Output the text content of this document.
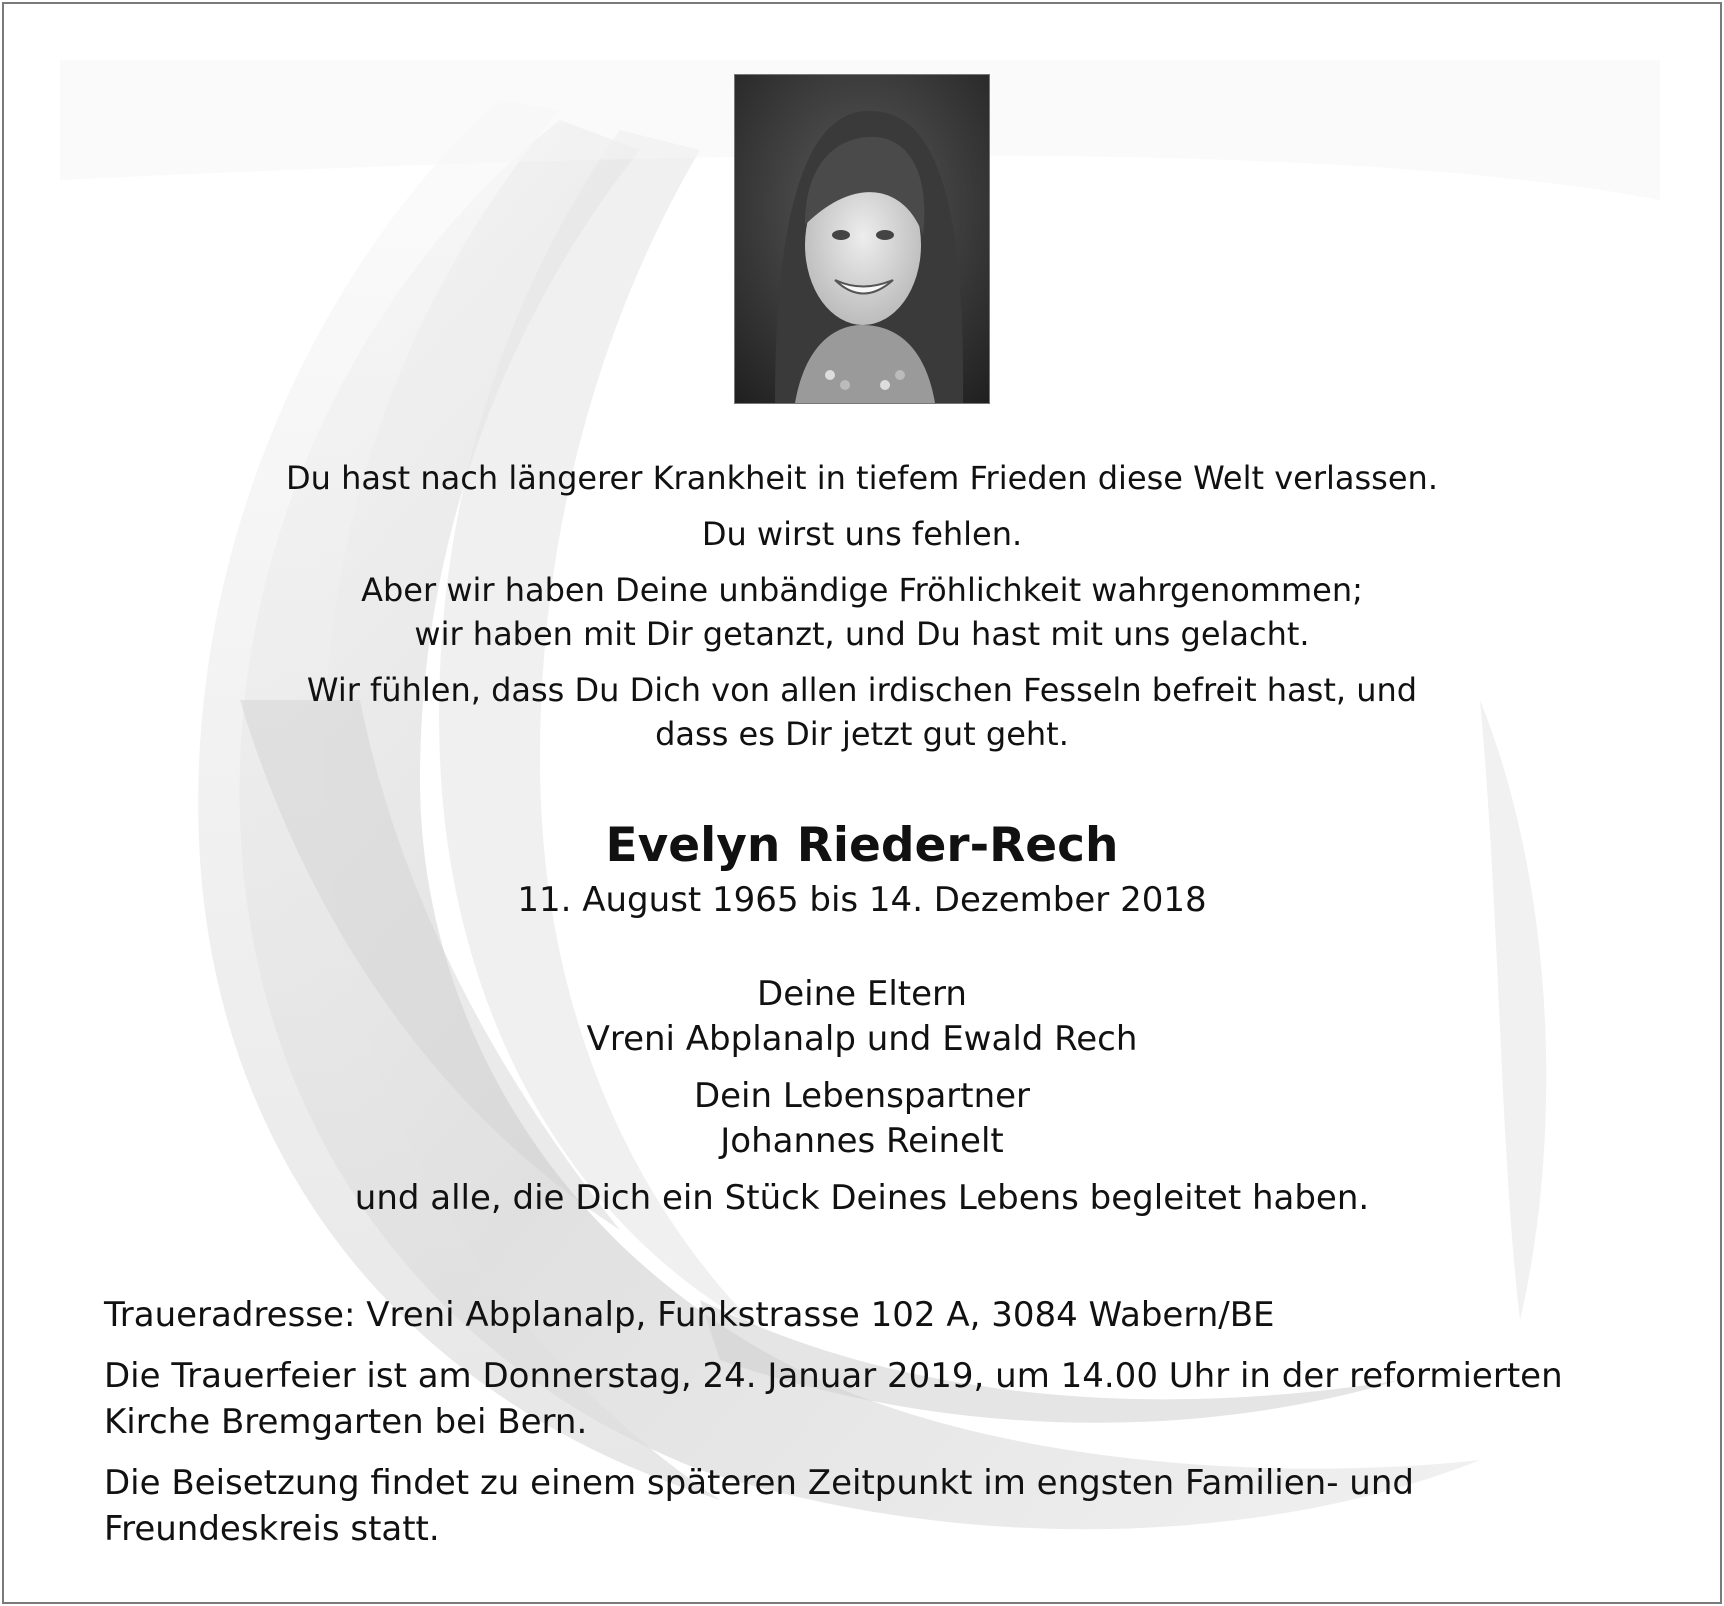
Du hast nach längerer Krankheit in tiefem Frieden diese Welt verlassen.

Du wirst uns fehlen.

Aber wir haben Deine unbändige Fröhlichkeit wahrgenommen;
wir haben mit Dir getanzt, und Du hast mit uns gelacht.

Wir fühlen, dass Du Dich von allen irdischen Fesseln befreit hast, und
dass es Dir jetzt gut geht.

Evelyn Rieder-Rech

11. August 1965 bis 14. Dezember 2018

Deine Eltern
Vreni Abplanalp und Ewald Rech

Dein Lebenspartner
Johannes Reinelt

und alle, die Dich ein Stück Deines Lebens begleitet haben.

Traueradresse: Vreni Abplanalp, Funkstrasse 102 A, 3084 Wabern/BE

Die Trauerfeier ist am Donnerstag, 24. Januar 2019, um 14.00 Uhr in der reformierten
Kirche Bremgarten bei Bern.

Die Beisetzung findet zu einem späteren Zeitpunkt im engsten Familien- und
Freundeskreis statt.
